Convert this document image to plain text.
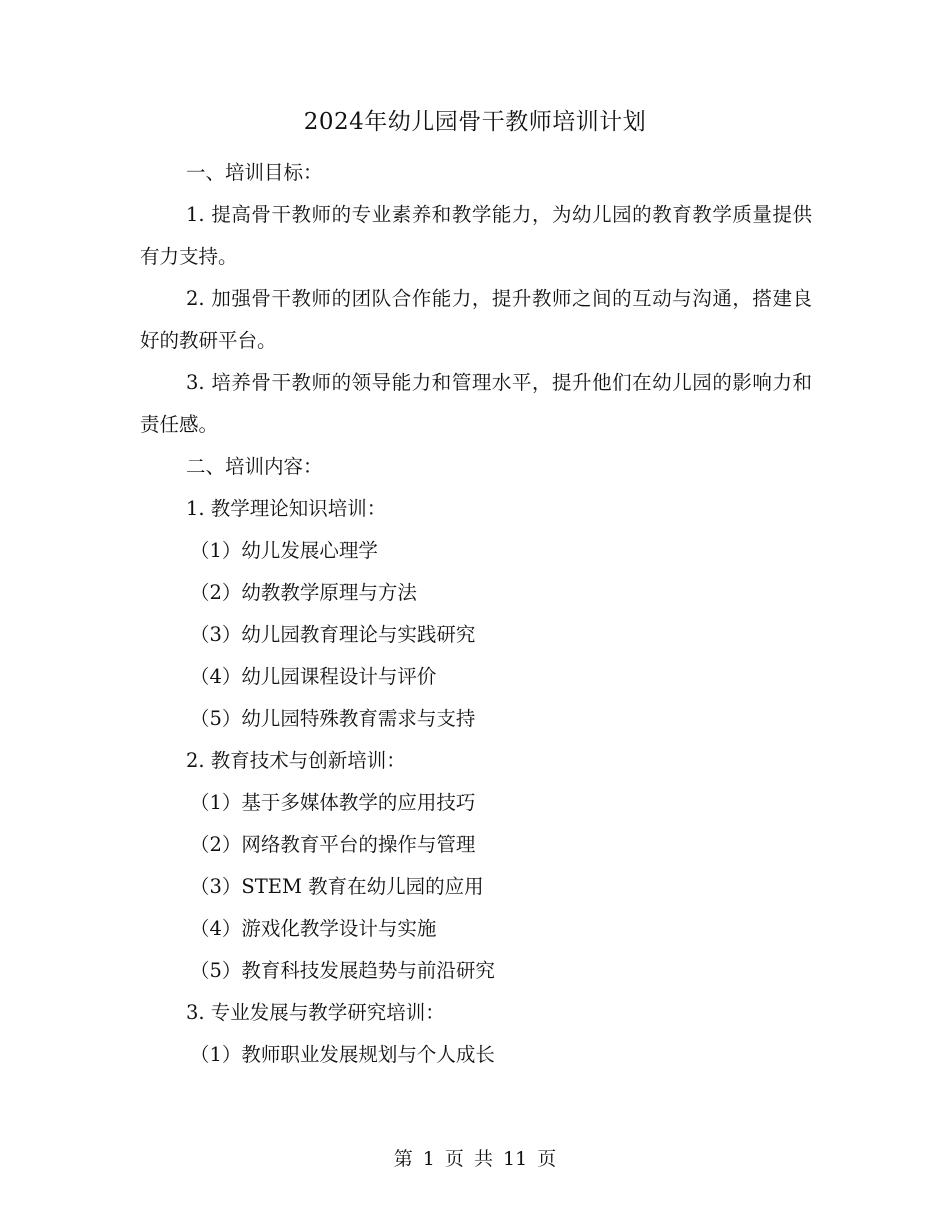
2024年幼儿园骨干教师培训计划

一、培训目标：

1. 提高骨干教师的专业素养和教学能力，为幼儿园的教育教学质量提供有力支持。

2. 加强骨干教师的团队合作能力，提升教师之间的互动与沟通，搭建良好的教研平台。

3. 培养骨干教师的领导能力和管理水平，提升他们在幼儿园的影响力和责任感。

二、培训内容：

1. 教学理论知识培训：

（1）幼儿发展心理学

（2）幼教教学原理与方法

（3）幼儿园教育理论与实践研究

（4）幼儿园课程设计与评价

（5）幼儿园特殊教育需求与支持

2. 教育技术与创新培训：

（1）基于多媒体教学的应用技巧

（2）网络教育平台的操作与管理

（3）STEM 教育在幼儿园的应用

（4）游戏化教学设计与实施

（5）教育科技发展趋势与前沿研究

3. 专业发展与教学研究培训：

（1）教师职业发展规划与个人成长

第 1 页 共 11 页
